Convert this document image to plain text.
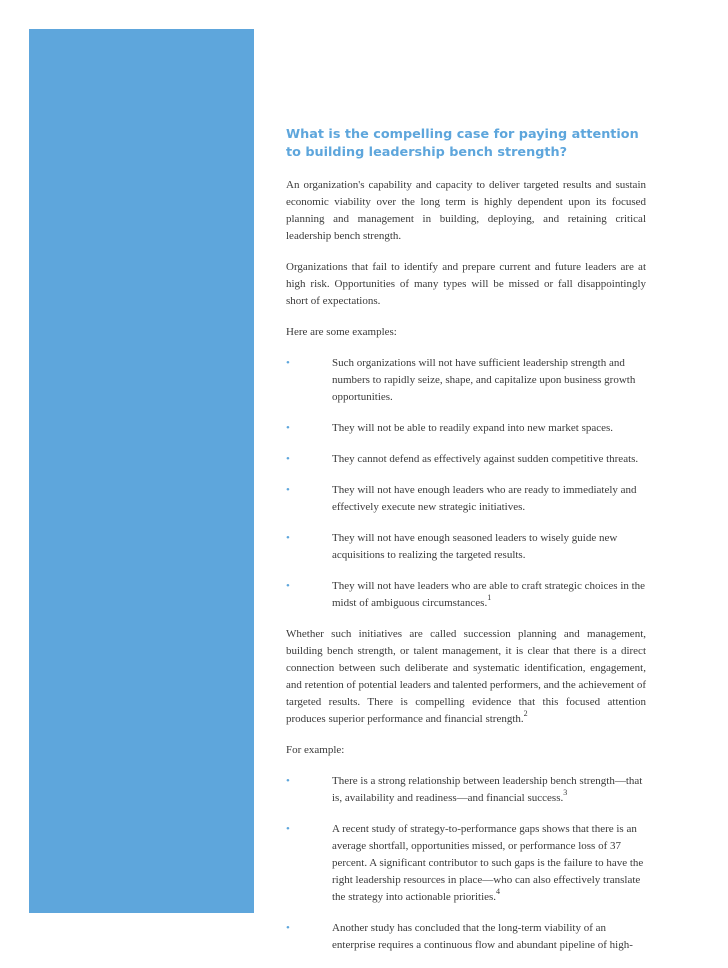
What is the compelling case for paying attention to building leadership bench strength?

An organization's capability and capacity to deliver targeted results and sustain economic viability over the long term is highly dependent upon its focused planning and management in building, deploying, and retaining critical leadership bench strength.

Organizations that fail to identify and prepare current and future leaders are at high risk. Opportunities of many types will be missed or fall disappointingly short of expectations.

Here are some examples:

•	Such organizations will not have sufficient leadership strength and numbers to rapidly seize, shape, and capitalize upon business growth opportunities.
•	They will not be able to readily expand into new market spaces.
•	They cannot defend as effectively against sudden competitive threats.
•	They will not have enough leaders who are ready to immediately and effectively execute new strategic initiatives.
•	They will not have enough seasoned leaders to wisely guide new acquisitions to realizing the targeted results.
•	They will not have leaders who are able to craft strategic choices in the midst of ambiguous circumstances.$^1$

Whether such initiatives are called succession planning and management, building bench strength, or talent management, it is clear that there is a direct connection between such deliberate and systematic identification, engagement, and retention of potential leaders and talented performers, and the achievement of targeted results. There is compelling evidence that this focused attention produces superior performance and financial strength.$^2$

For example:

•	There is a strong relationship between leadership bench strength—that is, availability and readiness—and financial success.$^3$
•	A recent study of strategy-to-performance gaps shows that there is an average shortfall, opportunities missed, or performance loss of 37 percent. A significant contributor to such gaps is the failure to have the right leadership resources in place—who can also effectively translate the strategy into actionable priorities.$^4$
•	Another study has concluded that the long-term viability of an enterprise requires a continuous flow and abundant pipeline of high-
